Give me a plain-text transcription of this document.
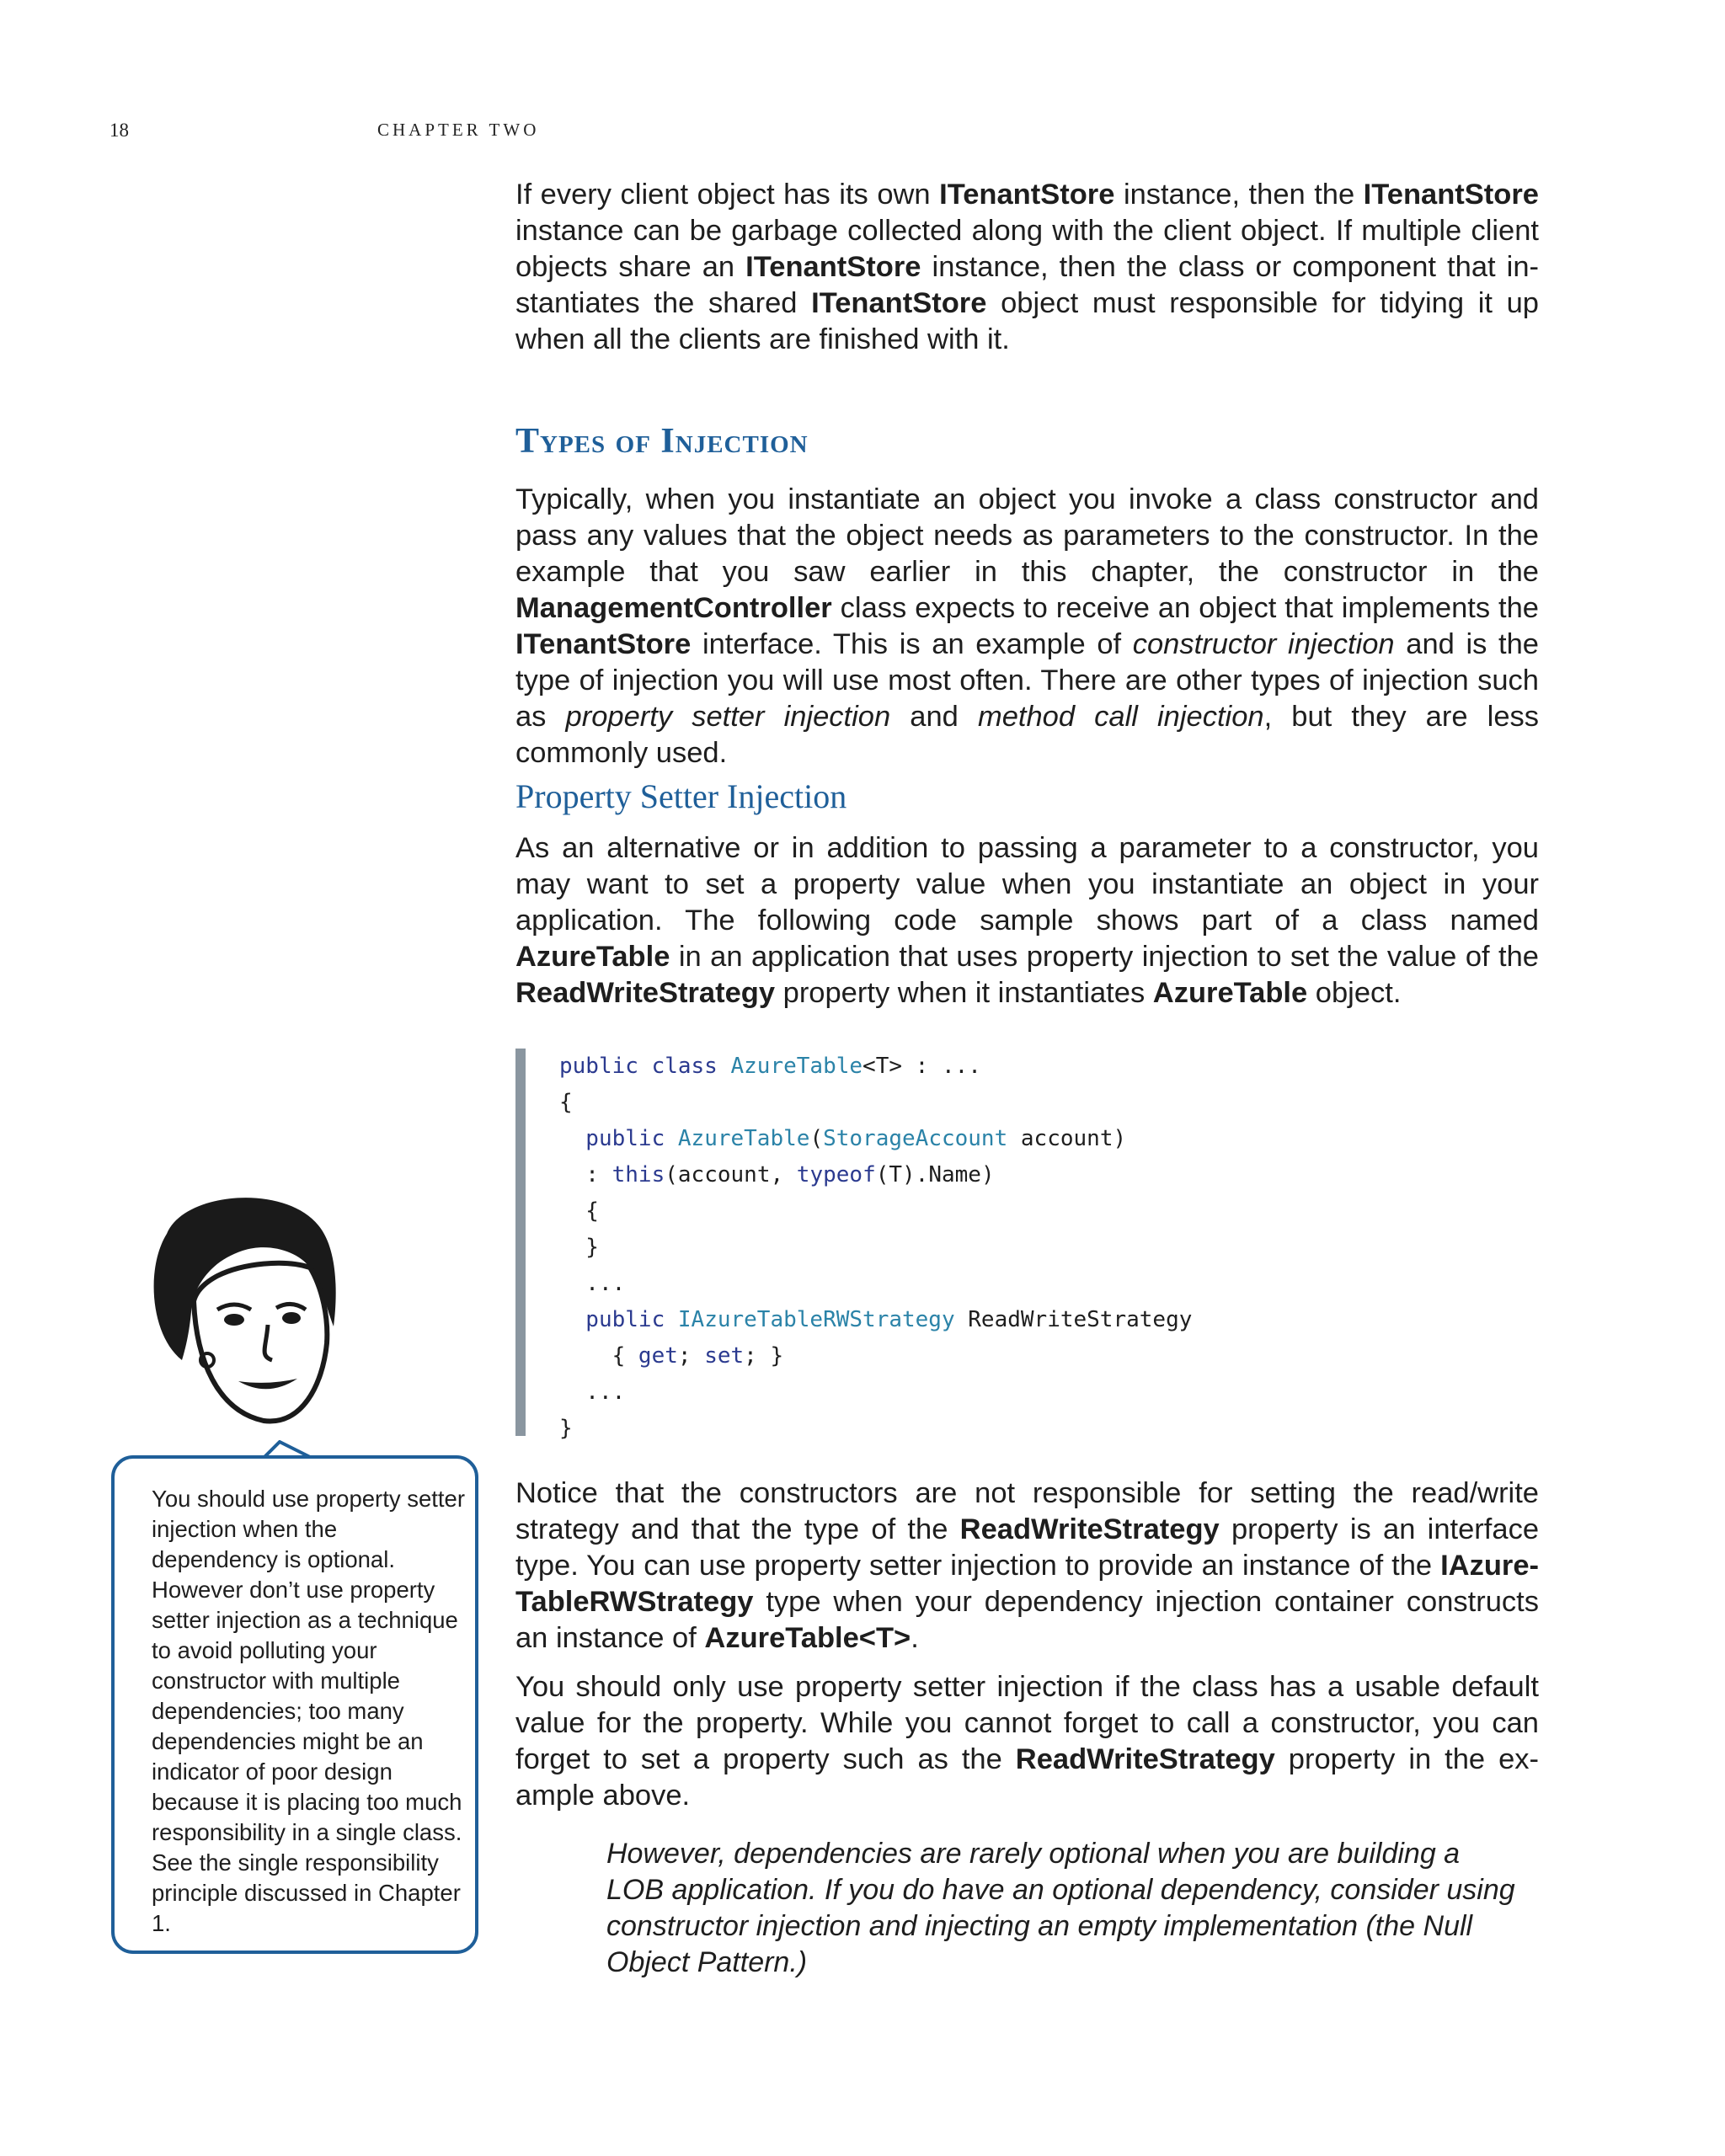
18	CHAPTER TWO

If every client object has its own ITenantStore instance, then the ITenantStore instance can be garbage collected along with the client object. If multiple client objects share an ITenantStore instance, then the class or component that instantiates the shared ITenantStore object must responsible for tidying it up when all the clients are finished with it.

Types of Injection

Typically, when you instantiate an object you invoke a class constructor and pass any values that the object needs as parameters to the constructor. In the example that you saw earlier in this chapter, the constructor in the ManagementController class expects to receive an object that implements the ITenantStore interface. This is an example of constructor injection and is the type of injection you will use most often. There are other types of injection such as property setter injection and method call injection, but they are less commonly used.

Property Setter Injection

As an alternative or in addition to passing a parameter to a constructor, you may want to set a property value when you instantiate an object in your application. The following code sample shows part of a class named AzureTable in an application that uses property injection to set the value of the ReadWriteStrategy property when it instantiates AzureTable object.

public class AzureTable<T> : ...
{
public AzureTable(StorageAccount account)
: this(account, typeof(T).Name)
{
}
...
public IAzureTableRWStrategy ReadWriteStrategy
{ get; set; }
...
}

Notice that the constructors are not responsible for setting the read/write strategy and that the type of the ReadWriteStrategy property is an interface type. You can use property setter injection to provide an instance of the IAzureTableRWStrategy type when your dependency injection container constructs an instance of AzureTable<T>.

You should only use property setter injection if the class has a usable default value for the property. While you cannot forget to call a constructor, you can forget to set a property such as the ReadWriteStrategy property in the example above.

However, dependencies are rarely optional when you are building a LOB application. If you do have an optional dependency, consider using constructor injection and injecting an empty implementation (the Null Object Pattern.)

You should use property setter injection when the dependency is optional. However don’t use property setter injection as a technique to avoid polluting your constructor with multiple dependencies; too many dependencies might be an indicator of poor design because it is placing too much responsibility in a single class. See the single responsibility principle discussed in Chapter 1.
